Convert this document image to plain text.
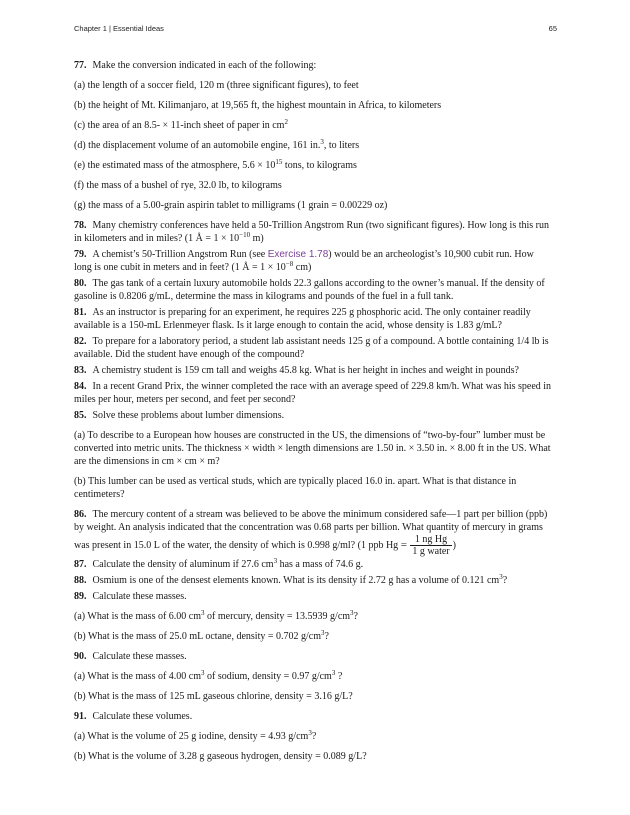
Chapter 1 | Essential Ideas	65

77. Make the conversion indicated in each of the following:

(a) the length of a soccer field, 120 m (three significant figures), to feet

(b) the height of Mt. Kilimanjaro, at 19,565 ft, the highest mountain in Africa, to kilometers

(c) the area of an 8.5- × 11-inch sheet of paper in $cm^2$

(d) the displacement volume of an automobile engine, 161 in.$^3$, to liters

(e) the estimated mass of the atmosphere, $5.6 \times 10^{15}$ tons, to kilograms

(f) the mass of a bushel of rye, 32.0 lb, to kilograms

(g) the mass of a 5.00-grain aspirin tablet to milligrams (1 grain = 0.00229 oz)

78. Many chemistry conferences have held a 50-Trillion Angstrom Run (two significant figures). How long is this run in kilometers and in miles? (1 Å = $1 \times 10^{-10}$ m)

79. A chemist’s 50-Trillion Angstrom Run (see Exercise 1.78) would be an archeologist’s 10,900 cubit run. How long is one cubit in meters and in feet? (1 Å = $1 \times 10^{-8}$ cm)

80. The gas tank of a certain luxury automobile holds 22.3 gallons according to the owner’s manual. If the density of gasoline is 0.8206 g/mL, determine the mass in kilograms and pounds of the fuel in a full tank.

81. As an instructor is preparing for an experiment, he requires 225 g phosphoric acid. The only container readily available is a 150-mL Erlenmeyer flask. Is it large enough to contain the acid, whose density is 1.83 g/mL?

82. To prepare for a laboratory period, a student lab assistant needs 125 g of a compound. A bottle containing 1/4 lb is available. Did the student have enough of the compound?

83. A chemistry student is 159 cm tall and weighs 45.8 kg. What is her height in inches and weight in pounds?

84. In a recent Grand Prix, the winner completed the race with an average speed of 229.8 km/h. What was his speed in miles per hour, meters per second, and feet per second?

85. Solve these problems about lumber dimensions.

(a) To describe to a European how houses are constructed in the US, the dimensions of “two-by-four” lumber must be converted into metric units. The thickness × width × length dimensions are 1.50 in. × 3.50 in. × 8.00 ft in the US. What are the dimensions in cm × cm × m?

(b) This lumber can be used as vertical studs, which are typically placed 16.0 in. apart. What is that distance in centimeters?

86. The mercury content of a stream was believed to be above the minimum considered safe—1 part per billion (ppb) by weight. An analysis indicated that the concentration was 0.68 parts per billion. What quantity of mercury in grams was present in 15.0 L of the water, the density of which is 0.998 g/ml? (1 ppb $Hg = \frac{\text{1 ng Hg}}{\text{1 g water}}$ )

87. Calculate the density of aluminum if 27.6 $cm^3$ has a mass of 74.6 g.

88. Osmium is one of the densest elements known. What is its density if 2.72 g has a volume of 0.121 $cm^3$?

89. Calculate these masses.

(a) What is the mass of 6.00 $cm^3$ of mercury, density = 13.5939 $g/cm^3$?

(b) What is the mass of 25.0 mL octane, density = 0.702 $g/cm^3$?

90. Calculate these masses.

(a) What is the mass of 4.00 $cm^3$ of sodium, density = 0.97 $g/cm^3$ ?

(b) What is the mass of 125 mL gaseous chlorine, density = 3.16 g/L?

91. Calculate these volumes.

(a) What is the volume of 25 g iodine, density = 4.93 $g/cm^3$?

(b) What is the volume of 3.28 g gaseous hydrogen, density = 0.089 g/L?
